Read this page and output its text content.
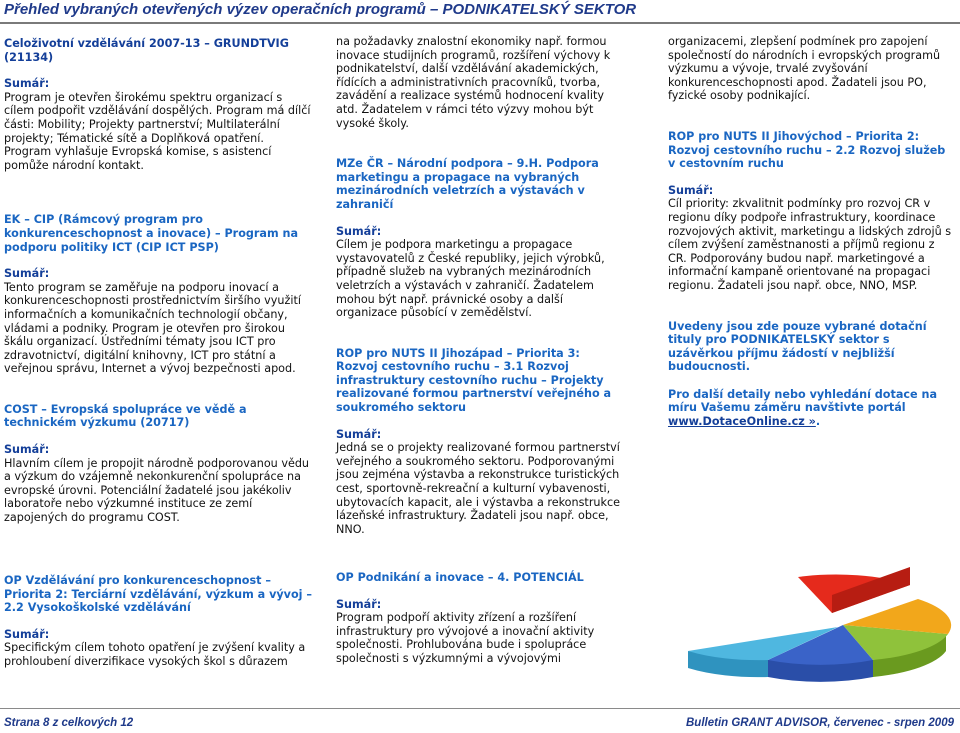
Přehled vybraných otevřených výzev operačních programů – PODNIKATELSKÝ SEKTOR

Celoživotní vzdělávání 2007-13 – GRUNDTVIG (21134)

Sumář:

Program je otevřen širokému spektru organizací s cílem podpořit vzdělávání dospělých. Program má dílčí části: Mobility; Projekty partnerství; Multilaterální projekty; Tématické sítě a Doplňková opatření. Program vyhlašuje Evropská komise, s asistencí pomůže národní kontakt.

EK – CIP (Rámcový program pro konkurenceschopnost a inovace) – Program na podporu politiky ICT (CIP ICT PSP)

Sumář:

Tento program se zaměřuje na podporu inovací a konkurenceschopnosti prostřednictvím širšího využití informačních a komunikačních technologií občany, vládami a podniky. Program je otevřen pro širokou škálu organizací. Ústředními tématy jsou ICT pro zdravotnictví, digitální knihovny, ICT pro státní a veřejnou správu, Internet a vývoj bezpečnosti apod.

COST – Evropská spolupráce ve vědě a technickém výzkumu (20717)

Sumář:

Hlavním cílem je propojit národně podporovanou vědu a výzkum do vzájemně nekonkurenční spolupráce na evropské úrovni. Potenciální žadatelé jsou jakékoliv laboratoře nebo výzkumné instituce ze zemí zapojených do programu COST.

OP Vzdělávání pro konkurenceschopnost – Priorita 2: Terciární vzdělávání, výzkum a vývoj – 2.2 Vysokoškolské vzdělávání

Sumář:

Specifickým cílem tohoto opatření je zvýšení kvality a prohloubení diverzifikace vysokých škol s důrazem

na požadavky znalostní ekonomiky např. formou inovace studijních programů, rozšíření výchovy k podnikatelství, další vzdělávání akademických, řídících a administrativních pracovníků, tvorba, zavádění a realizace systémů hodnocení kvality atd. Žadatelem v rámci této výzvy mohou být vysoké školy.

MZe ČR – Národní podpora – 9.H. Podpora marketingu a propagace na vybraných mezinárodních veletrzích a výstavách v zahraničí

Sumář:

Cílem je podpora marketingu a propagace vystavovatelů z České republiky, jejich výrobků, případně služeb na vybraných mezinárodních veletrzích a výstavách v zahraničí. Žadatelem mohou být např. právnické osoby a další organizace působící v zemědělství.

ROP pro NUTS II Jihozápad – Priorita 3: Rozvoj cestovního ruchu – 3.1 Rozvoj infrastruktury cestovního ruchu – Projekty realizované formou partnerství veřejného a soukromého sektoru

Sumář:

Jedná se o projekty realizované formou partnerství veřejného a soukromého sektoru. Podporovanými jsou zejména výstavba a rekonstrukce turistických cest, sportovně-rekreační a kulturní vybavenosti, ubytovacích kapacit, ale i výstavba a rekonstrukce lázeňské infrastruktury. Žadateli jsou např. obce, NNO.

OP Podnikání a inovace – 4. POTENCIÁL

Sumář:

Program podpoří aktivity zřízení a rozšíření infrastruktury pro vývojové a inovační aktivity společnosti. Prohlubována bude i spolupráce společnosti s výzkumnými a vývojovými

organizacemi, zlepšení podmínek pro zapojení společností do národních i evropských programů výzkumu a vývoje, trvalé zvyšování konkurenceschopnosti apod. Žadateli jsou PO, fyzické osoby podnikající.

ROP pro NUTS II Jihovýchod – Priorita 2: Rozvoj cestovního ruchu – 2.2 Rozvoj služeb v cestovním ruchu

Sumář:

Cíl priority: zkvalitnit podmínky pro rozvoj CR v regionu díky podpoře infrastruktury, koordinace rozvojových aktivit, marketingu a lidských zdrojů s cílem zvýšení zaměstnanosti a příjmů regionu z CR. Podporovány budou např. marketingové a informační kampaně orientované na propagaci regionu. Žadateli jsou např. obce, NNO, MSP.

Uvedeny jsou zde pouze vybrané dotační tituly pro PODNIKATELSKÝ sektor s uzávěrkou příjmu žádostí v nejbližší budoucnosti.

Pro další detaily nebo vyhledání dotace na míru Vašemu záměru navštivte portál www.DotaceOnline.cz ».

Strana 8 z celkových 12	Bulletin GRANT ADVISOR, červenec - srpen 2009
